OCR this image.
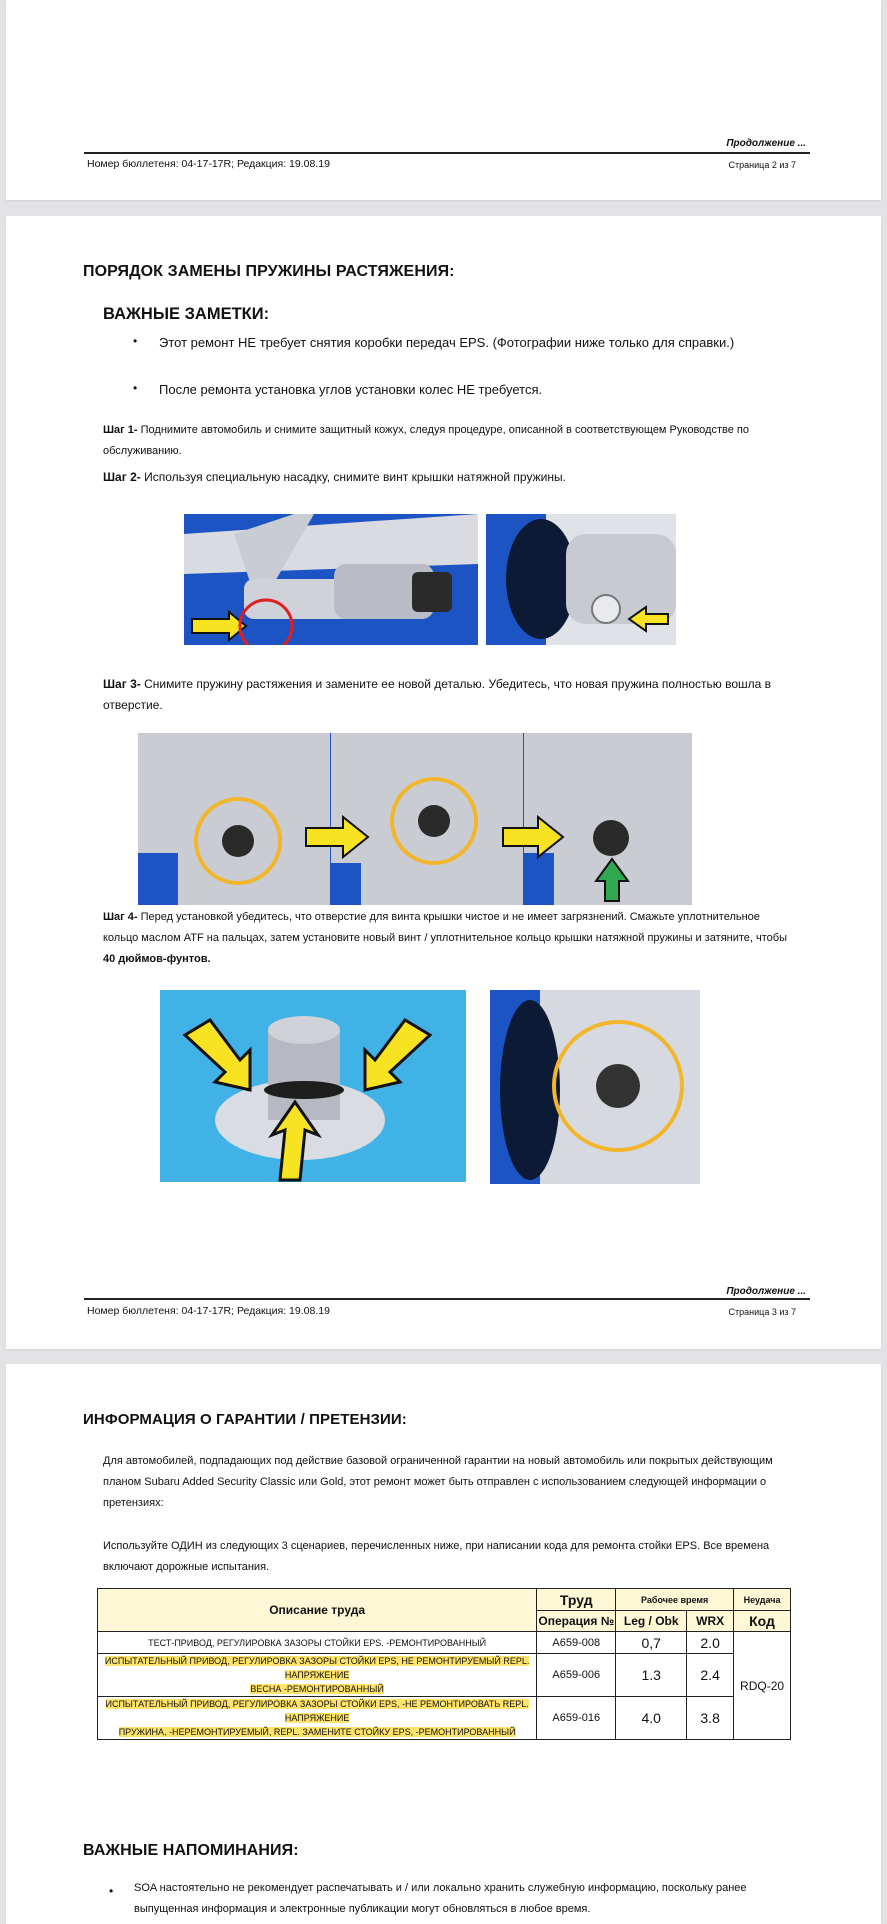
Продолжение ...
Номер бюллетеня: 04-17-17R; Редакция: 19.08.19	Страница 2 из 7
ПОРЯДОК ЗАМЕНЫ ПРУЖИНЫ РАСТЯЖЕНИЯ:
ВАЖНЫЕ ЗАМЕТКИ:
• Этот ремонт НЕ требует снятия коробки передач EPS. (Фотографии ниже только для справки.)
• После ремонта установка углов установки колес НЕ требуется.
Шаг 1- Поднимите автомобиль и снимите защитный кожух, следуя процедуре, описанной в соответствующем Руководстве по обслуживанию.
Шаг 2- Используя специальную насадку, снимите винт крышки натяжной пружины.
Шаг 3- Снимите пружину растяжения и замените ее новой деталью. Убедитесь, что новая пружина полностью вошла в отверстие.
Шаг 4- Перед установкой убедитесь, что отверстие для винта крышки чистое и не имеет загрязнений. Смажьте уплотнительное кольцо маслом ATF на пальцах, затем установите новый винт / уплотнительное кольцо крышки натяжной пружины и затяните, чтобы 40 дюймов-фунтов.
Продолжение ...
Номер бюллетеня: 04-17-17R; Редакция: 19.08.19	Страница 3 из 7
ИНФОРМАЦИЯ О ГАРАНТИИ / ПРЕТЕНЗИИ:
Для автомобилей, подпадающих под действие базовой ограниченной гарантии на новый автомобиль или покрытых действующим планом Subaru Added Security Classic или Gold, этот ремонт может быть отправлен с использованием следующей информации о претензиях:
Используйте ОДИН из следующих 3 сценариев, перечисленных ниже, при написании кода для ремонта стойки EPS. Все времена включают дорожные испытания.
Описание труда	Труд	Рабочее время		Неудача
	Операция №	Leg / Obk	WRX	Код
ТЕСТ-ПРИВОД, РЕГУЛИРОВКА ЗАЗОРЫ СТОЙКИ EPS. -РЕМОНТИРОВАННЫЙ	A659-008	0,7	2.0	RDQ-20
ИСПЫТАТЕЛЬНЫЙ ПРИВОД, РЕГУЛИРОВКА ЗАЗОРЫ СТОЙКИ EPS, НЕ РЕМОНТИРУЕМЫЙ REPL. НАПРЯЖЕНИЕ
ВЕСНА -РЕМОНТИРОВАННЫЙ	A659-006	1.3	2.4	
ИСПЫТАТЕЛЬНЫЙ ПРИВОД, РЕГУЛИРОВКА ЗАЗОРЫ СТОЙКИ EPS, -НЕ РЕМОНТИРОВАТЬ REPL. НАПРЯЖЕНИЕ
ПРУЖИНА, -НЕРЕМОНТИРУЕМЫЙ, REPL. ЗАМЕНИТЕ СТОЙКУ EPS, -РЕМОНТИРОВАННЫЙ	A659-016	4.0	3.8	
ВАЖНЫЕ НАПОМИНАНИЯ:
• SOA настоятельно не рекомендует распечатывать и / или локально хранить служебную информацию, поскольку ранее выпущенная информация и электронные публикации могут обновляться в любое время.
